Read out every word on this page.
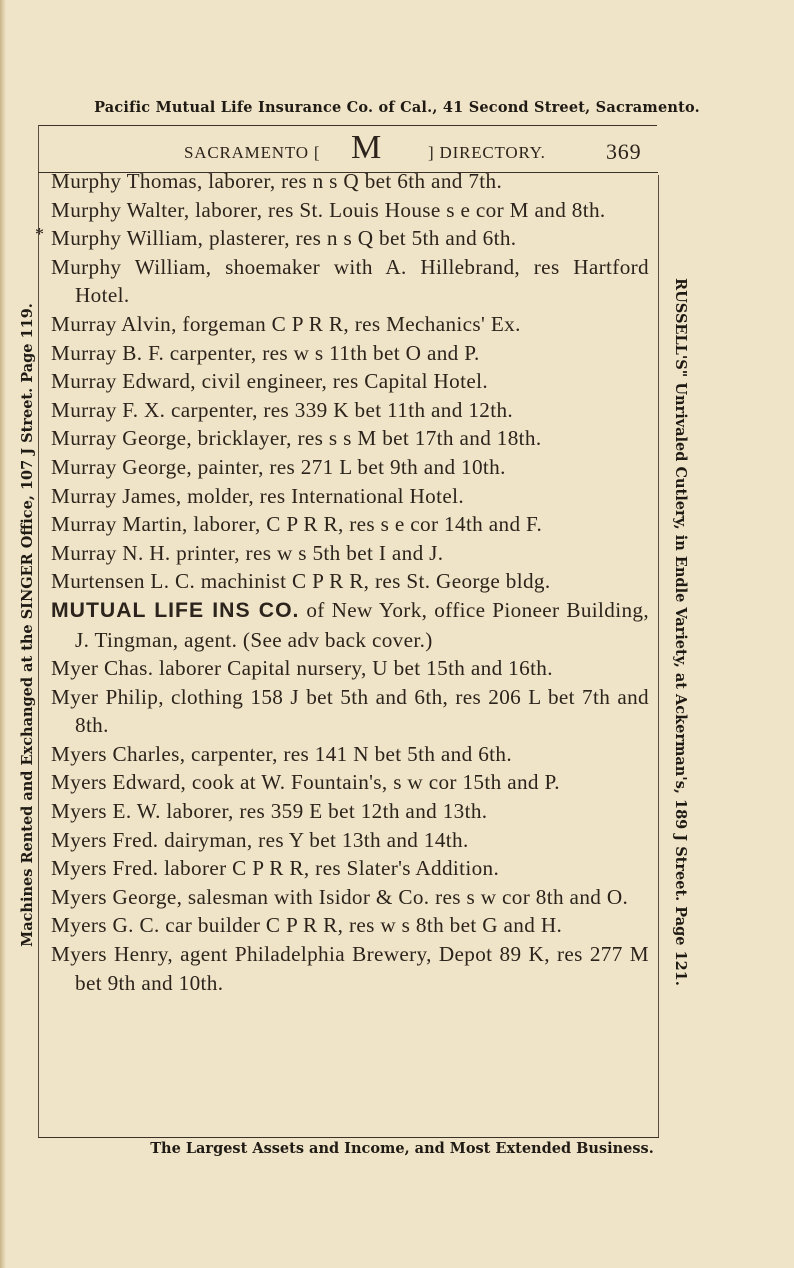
Pacific Mutual Life Insurance Co. of Cal., 41 Second Street, Sacramento.
Machines Rented and Exchanged at the SINGER Office, 107 J Street. Page 119.	RUSSELL'S" Unrivaled Cutlery, in Endle Variety, at Ackerman's, 189 J Street. Page 121.
SACRAMENTO [ M	] DIRECTORY.	369
Murphy Thomas, laborer, res n s Q bet 6th and 7th.
Murphy Walter, laborer, res St. Louis House s e cor M and 8th.
* Murphy William, plasterer, res n s Q bet 5th and 6th.
Murphy William, shoemaker with A. Hillebrand, res Hartford Hotel.
Murray Alvin, forgeman C P R R, res Mechanics' Ex.
Murray B. F. carpenter, res w s 11th bet O and P.
Murray Edward, civil engineer, res Capital Hotel.
Murray F. X. carpenter, res 339 K bet 11th and 12th.
Murray George, bricklayer, res s s M bet 17th and 18th.
Murray George, painter, res 271 L bet 9th and 10th.
Murray James, molder, res International Hotel.
Murray Martin, laborer, C P R R, res s e cor 14th and F.
Murray N. H. printer, res w s 5th bet I and J.
Murtensen L. C. machinist C P R R, res St. George bldg.
MUTUAL LIFE INS CO. of New York, office Pioneer Building, J. Tingman, agent. (See adv back cover.)
Myer Chas. laborer Capital nursery, U bet 15th and 16th.
Myer Philip, clothing 158 J bet 5th and 6th, res 206 L bet 7th and 8th.
Myers Charles, carpenter, res 141 N bet 5th and 6th.
Myers Edward, cook at W. Fountain's, s w cor 15th and P.
Myers E. W. laborer, res 359 E bet 12th and 13th.
Myers Fred. dairyman, res Y bet 13th and 14th.
Myers Fred. laborer C P R R, res Slater's Addition.
Myers George, salesman with Isidor & Co. res s w cor 8th and O.
Myers G. C. car builder C P R R, res w s 8th bet G and H.
Myers Henry, agent Philadelphia Brewery, Depot 89 K, res 277 M bet 9th and 10th.
The Largest Assets and Income, and Most Extended Business.
